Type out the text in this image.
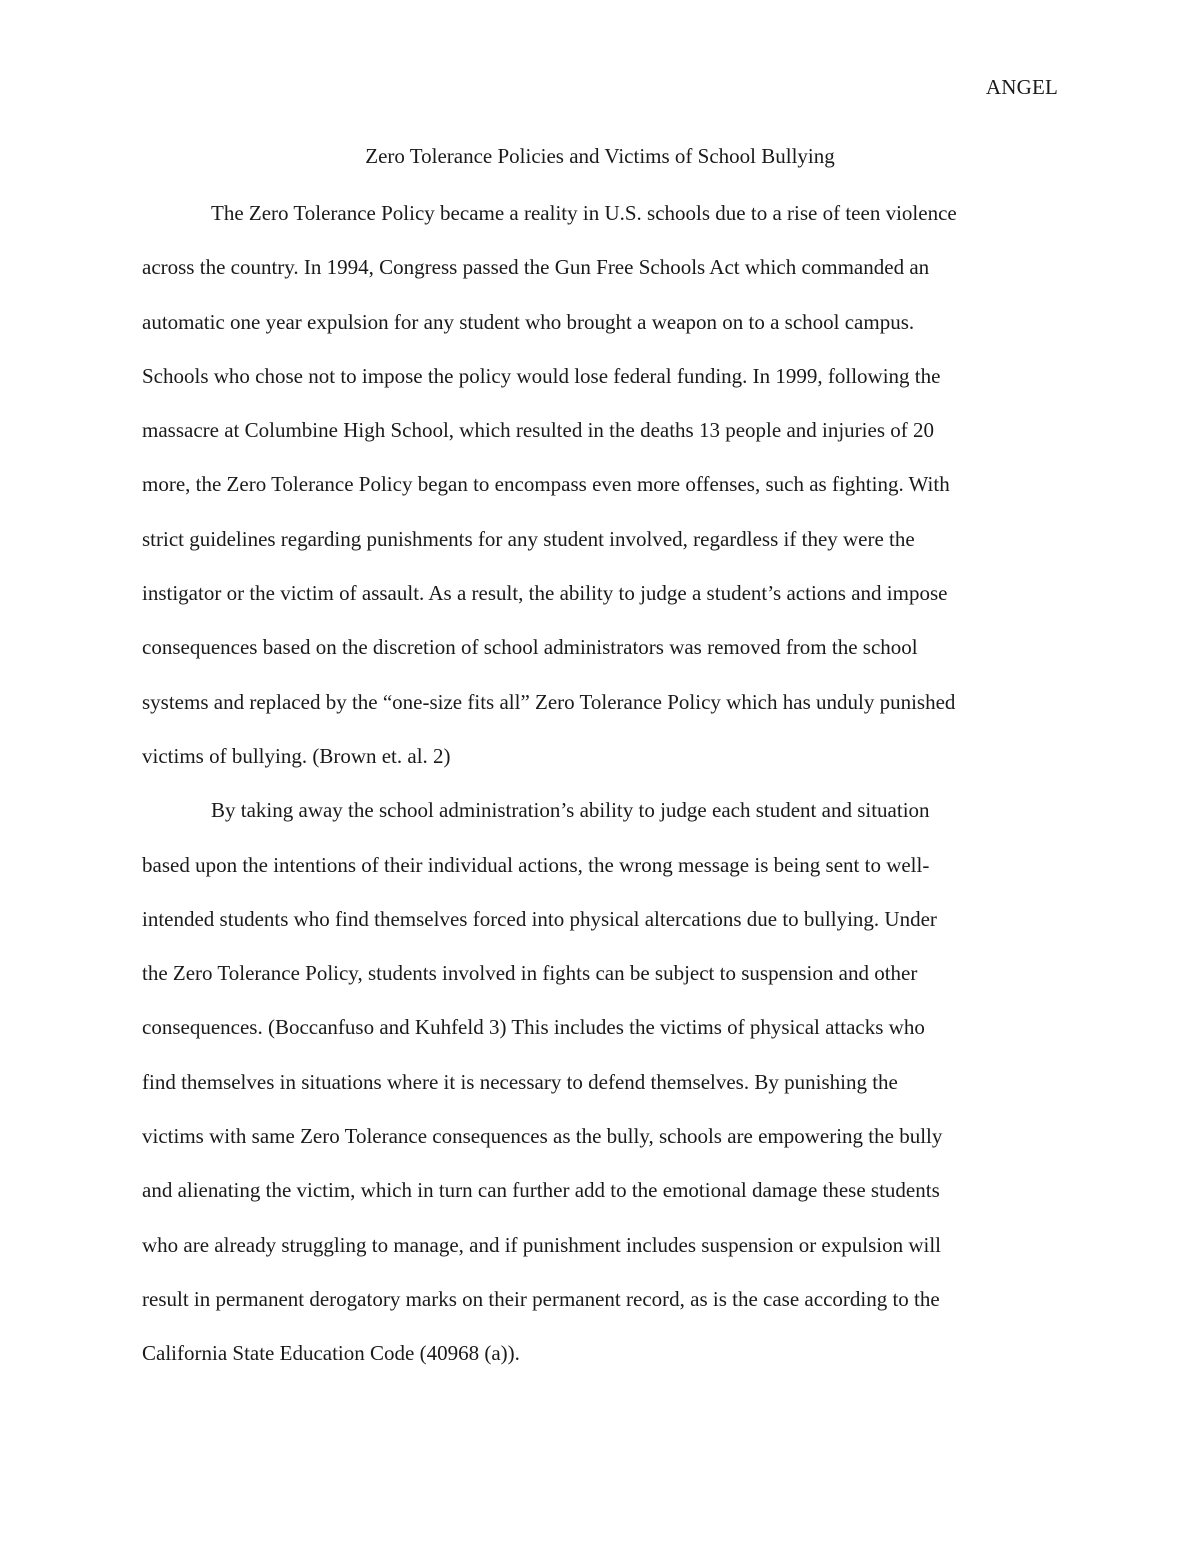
ANGEL
Zero Tolerance Policies and Victims of School Bullying
The Zero Tolerance Policy became a reality in U.S. schools due to a rise of teen violence
across the country. In 1994, Congress passed the Gun Free Schools Act which commanded an
automatic one year expulsion for any student who brought a weapon on to a school campus.
Schools who chose not to impose the policy would lose federal funding. In 1999, following the
massacre at Columbine High School, which resulted in the deaths 13 people and injuries of 20
more, the Zero Tolerance Policy began to encompass even more offenses, such as fighting. With
strict guidelines regarding punishments for any student involved, regardless if they were the
instigator or the victim of assault. As a result, the ability to judge a student’s actions and impose
consequences based on the discretion of school administrators was removed from the school
systems and replaced by the “one-size fits all” Zero Tolerance Policy which has unduly punished
victims of bullying. (Brown et. al. 2)
By taking away the school administration’s ability to judge each student and situation
based upon the intentions of their individual actions, the wrong message is being sent to well-
intended students who find themselves forced into physical altercations due to bullying. Under
the Zero Tolerance Policy, students involved in fights can be subject to suspension and other
consequences. (Boccanfuso and Kuhfeld 3) This includes the victims of physical attacks who
find themselves in situations where it is necessary to defend themselves. By punishing the
victims with same Zero Tolerance consequences as the bully, schools are empowering the bully
and alienating the victim, which in turn can further add to the emotional damage these students
who are already struggling to manage, and if punishment includes suspension or expulsion will
result in permanent derogatory marks on their permanent record, as is the case according to the
California State Education Code (40968 (a)).
